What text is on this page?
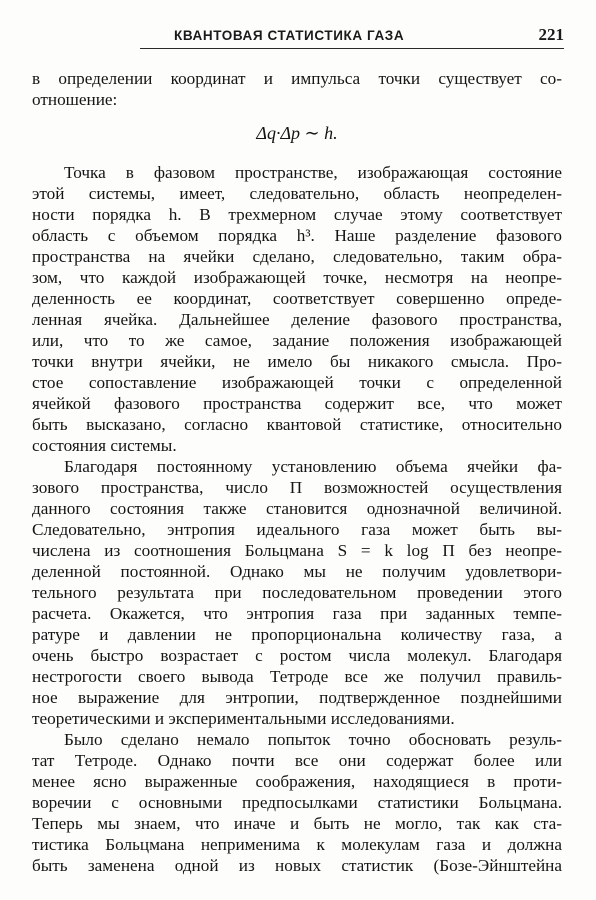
КВАНТОВАЯ СТАТИСТИКА ГАЗА	221
в определении координат и импульса точки существует со-
отношение:
Δq·Δp ∼ h.
Точка в фазовом пространстве, изображающая состояние
этой системы, имеет, следовательно, область неопределен-
ности порядка h. В трехмерном случае этому соответствует
область с объемом порядка h³. Наше разделение фазового
пространства на ячейки сделано, следовательно, таким обра-
зом, что каждой изображающей точке, несмотря на неопре-
деленность ее координат, соответствует совершенно опреде-
ленная ячейка. Дальнейшее деление фазового пространства,
или, что то же самое, задание положения изображающей
точки внутри ячейки, не имело бы никакого смысла. Про-
стое сопоставление изображающей точки с определенной
ячейкой фазового пространства содержит все, что может
быть высказано, согласно квантовой статистике, относительно
состояния системы.
Благодаря постоянному установлению объема ячейки фа-
зового пространства, число Π возможностей осуществления
данного состояния также становится однозначной величиной.
Следовательно, энтропия идеального газа может быть вы-
числена из соотношения Больцмана S = k log Π без неопре-
деленной постоянной. Однако мы не получим удовлетвори-
тельного результата при последовательном проведении этого
расчета. Окажется, что энтропия газа при заданных темпе-
ратуре и давлении не пропорциональна количеству газа, а
очень быстро возрастает с ростом числа молекул. Благодаря
нестрогости своего вывода Тетроде все же получил правиль-
ное выражение для энтропии, подтвержденное позднейшими
теоретическими и экспериментальными исследованиями.
Было сделано немало попыток точно обосновать резуль-
тат Тетроде. Однако почти все они содержат более или
менее ясно выраженные соображения, находящиеся в проти-
воречии с основными предпосылками статистики Больцмана.
Теперь мы знаем, что иначе и быть не могло, так как ста-
тистика Больцмана неприменима к молекулам газа и должна
быть заменена одной из новых статистик (Бозе-Эйнштейна
